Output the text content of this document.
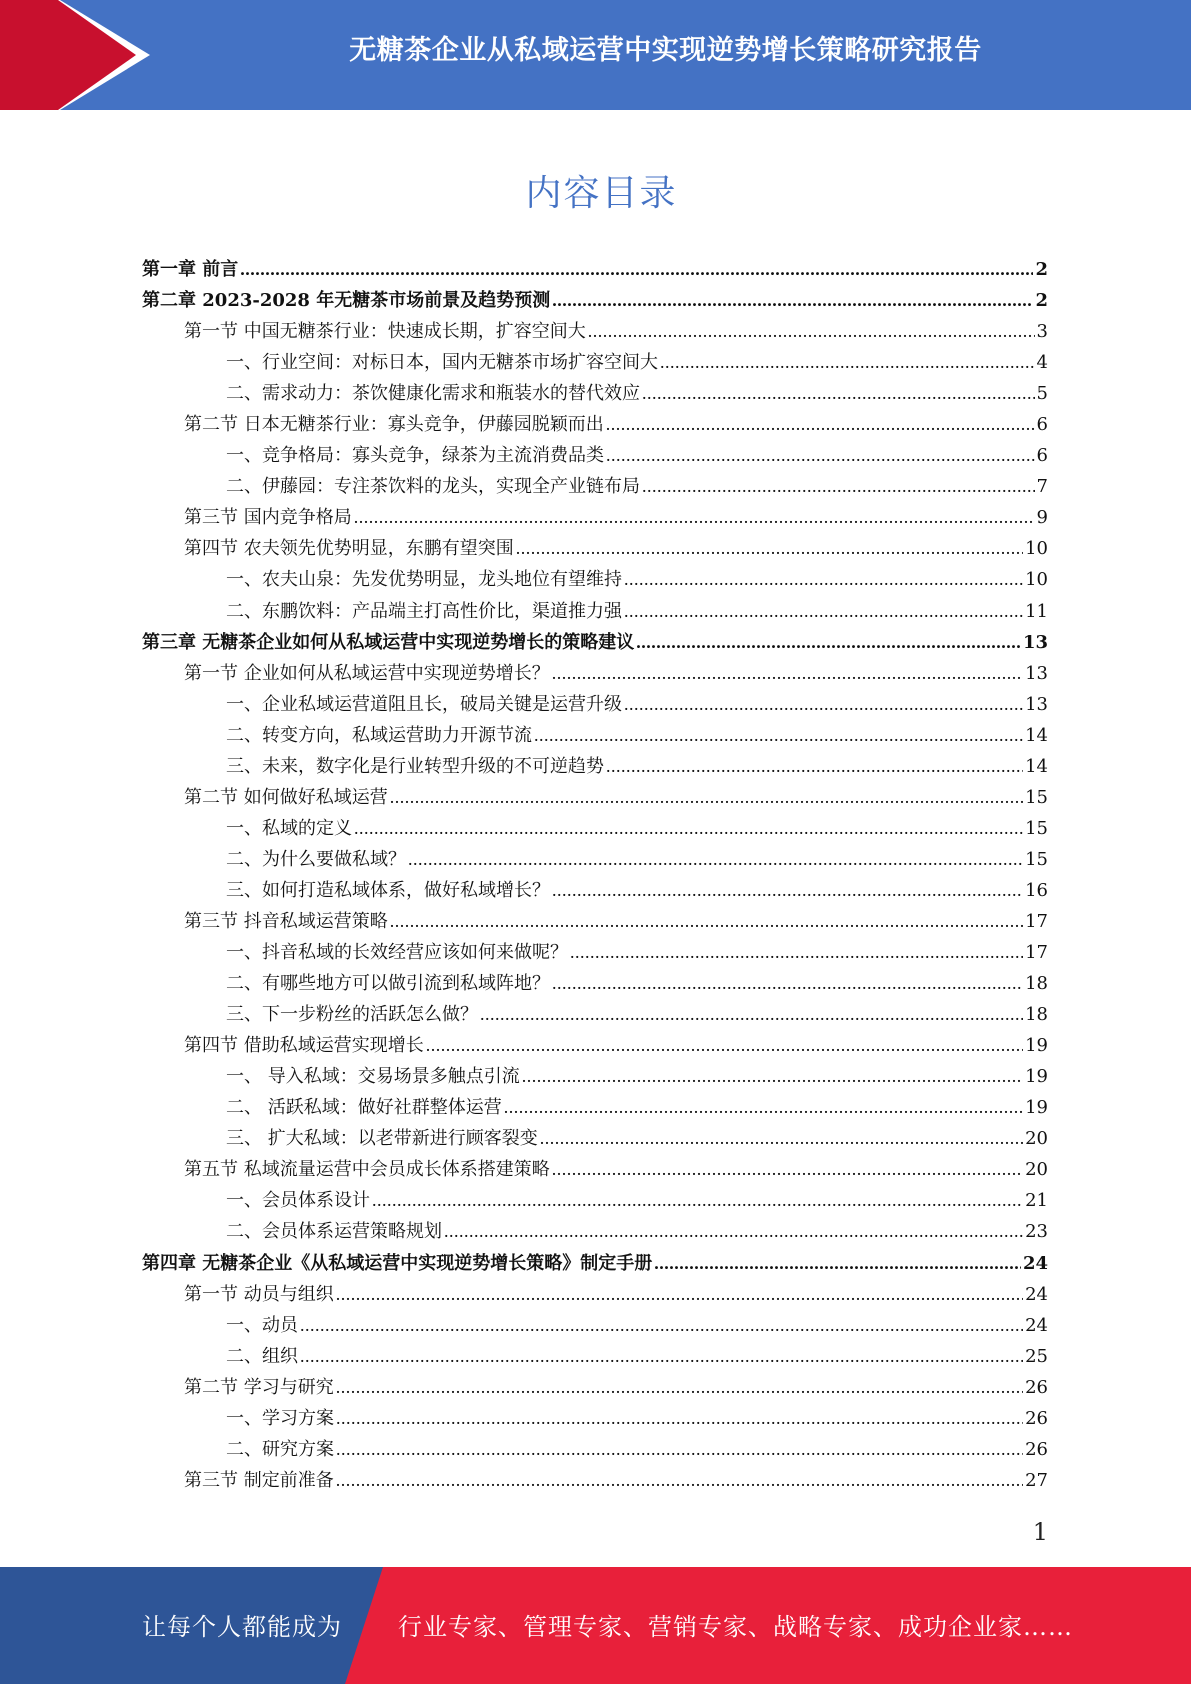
无糖茶企业从私域运营中实现逆势增长策略研究报告
内容目录
第一章 前言 .....	2
第二章 2023-2028 年无糖茶市场前景及趋势预测 .....	2
第一节 中国无糖茶行业：快速成长期，扩容空间大 .....	3
一、行业空间：对标日本，国内无糖茶市场扩容空间大 .....	4
二、需求动力：茶饮健康化需求和瓶装水的替代效应 .....	5
第二节 日本无糖茶行业：寡头竞争，伊藤园脱颖而出 .....	6
一、竞争格局：寡头竞争，绿茶为主流消费品类 .....	6
二、伊藤园：专注茶饮料的龙头，实现全产业链布局 .....	7
第三节 国内竞争格局 .....	9
第四节 农夫领先优势明显，东鹏有望突围 .....	10
一、农夫山泉：先发优势明显，龙头地位有望维持 .....	10
二、东鹏饮料：产品端主打高性价比，渠道推力强 .....	11
第三章 无糖茶企业如何从私域运营中实现逆势增长的策略建议 .....	13
第一节 企业如何从私域运营中实现逆势增长？ .....	13
一、企业私域运营道阻且长，破局关键是运营升级 .....	13
二、转变方向，私域运营助力开源节流 .....	14
三、未来，数字化是行业转型升级的不可逆趋势 .....	14
第二节 如何做好私域运营 .....	15
一、私域的定义 .....	15
二、为什么要做私域？ .....	15
三、如何打造私域体系，做好私域增长？ .....	16
第三节 抖音私域运营策略 .....	17
一、抖音私域的长效经营应该如何来做呢？ .....	17
二、有哪些地方可以做引流到私域阵地？ .....	18
三、下一步粉丝的活跃怎么做？ .....	18
第四节 借助私域运营实现增长 .....	19
一、 导入私域：交易场景多触点引流 .....	19
二、 活跃私域：做好社群整体运营 .....	19
三、 扩大私域：以老带新进行顾客裂变 .....	20
第五节 私域流量运营中会员成长体系搭建策略 .....	20
一、会员体系设计 .....	21
二、会员体系运营策略规划 .....	23
第四章 无糖茶企业《从私域运营中实现逆势增长策略》制定手册 .....	24
第一节 动员与组织 .....	24
一、动员 .....	24
二、组织 .....	25
第二节 学习与研究 .....	26
一、学习方案 .....	26
二、研究方案 .....	26
第三节 制定前准备 .....	27
1
让每个人都能成为 行业专家、管理专家、营销专家、战略专家、成功企业家……
